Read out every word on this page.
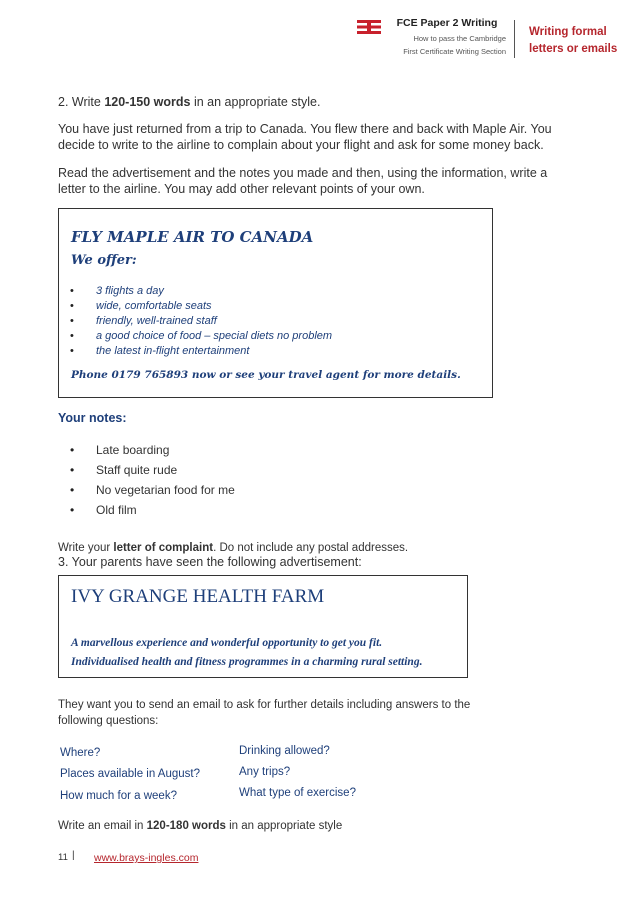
FCE Paper 2 Writing
How to pass the Cambridge
First Certificate Writing Section
Writing formal
letters or emails
2. Write 120-150 words in an appropriate style.
You have just returned from a trip to Canada. You flew there and back with Maple Air. You decide to write to the airline to complain about your flight and ask for some money back.
Read the advertisement and the notes you made and then, using the information, write a letter to the airline. You may add other relevant points of your own.
FLY MAPLE AIR TO CANADA
We offer:
• 3 flights a day
• wide, comfortable seats
• friendly, well-trained staff
• a good choice of food – special diets no problem
• the latest in-flight entertainment
Phone 0179 765893 now or see your travel agent for more details.
Your notes:
• Late boarding
• Staff quite rude
• No vegetarian food for me
• Old film
Write your letter of complaint. Do not include any postal addresses.
3. Your parents have seen the following advertisement:
IVY GRANGE HEALTH FARM
A marvellous experience and wonderful opportunity to get you fit.
Individualised health and fitness programmes in a charming rural setting.
They want you to send an email to ask for further details including answers to the following questions:
Where?
Places available in August?
How much for a week?
Drinking allowed?
Any trips?
What type of exercise?
Write an email in 120-180 words in an appropriate style
11 | www.brays-ingles.com
